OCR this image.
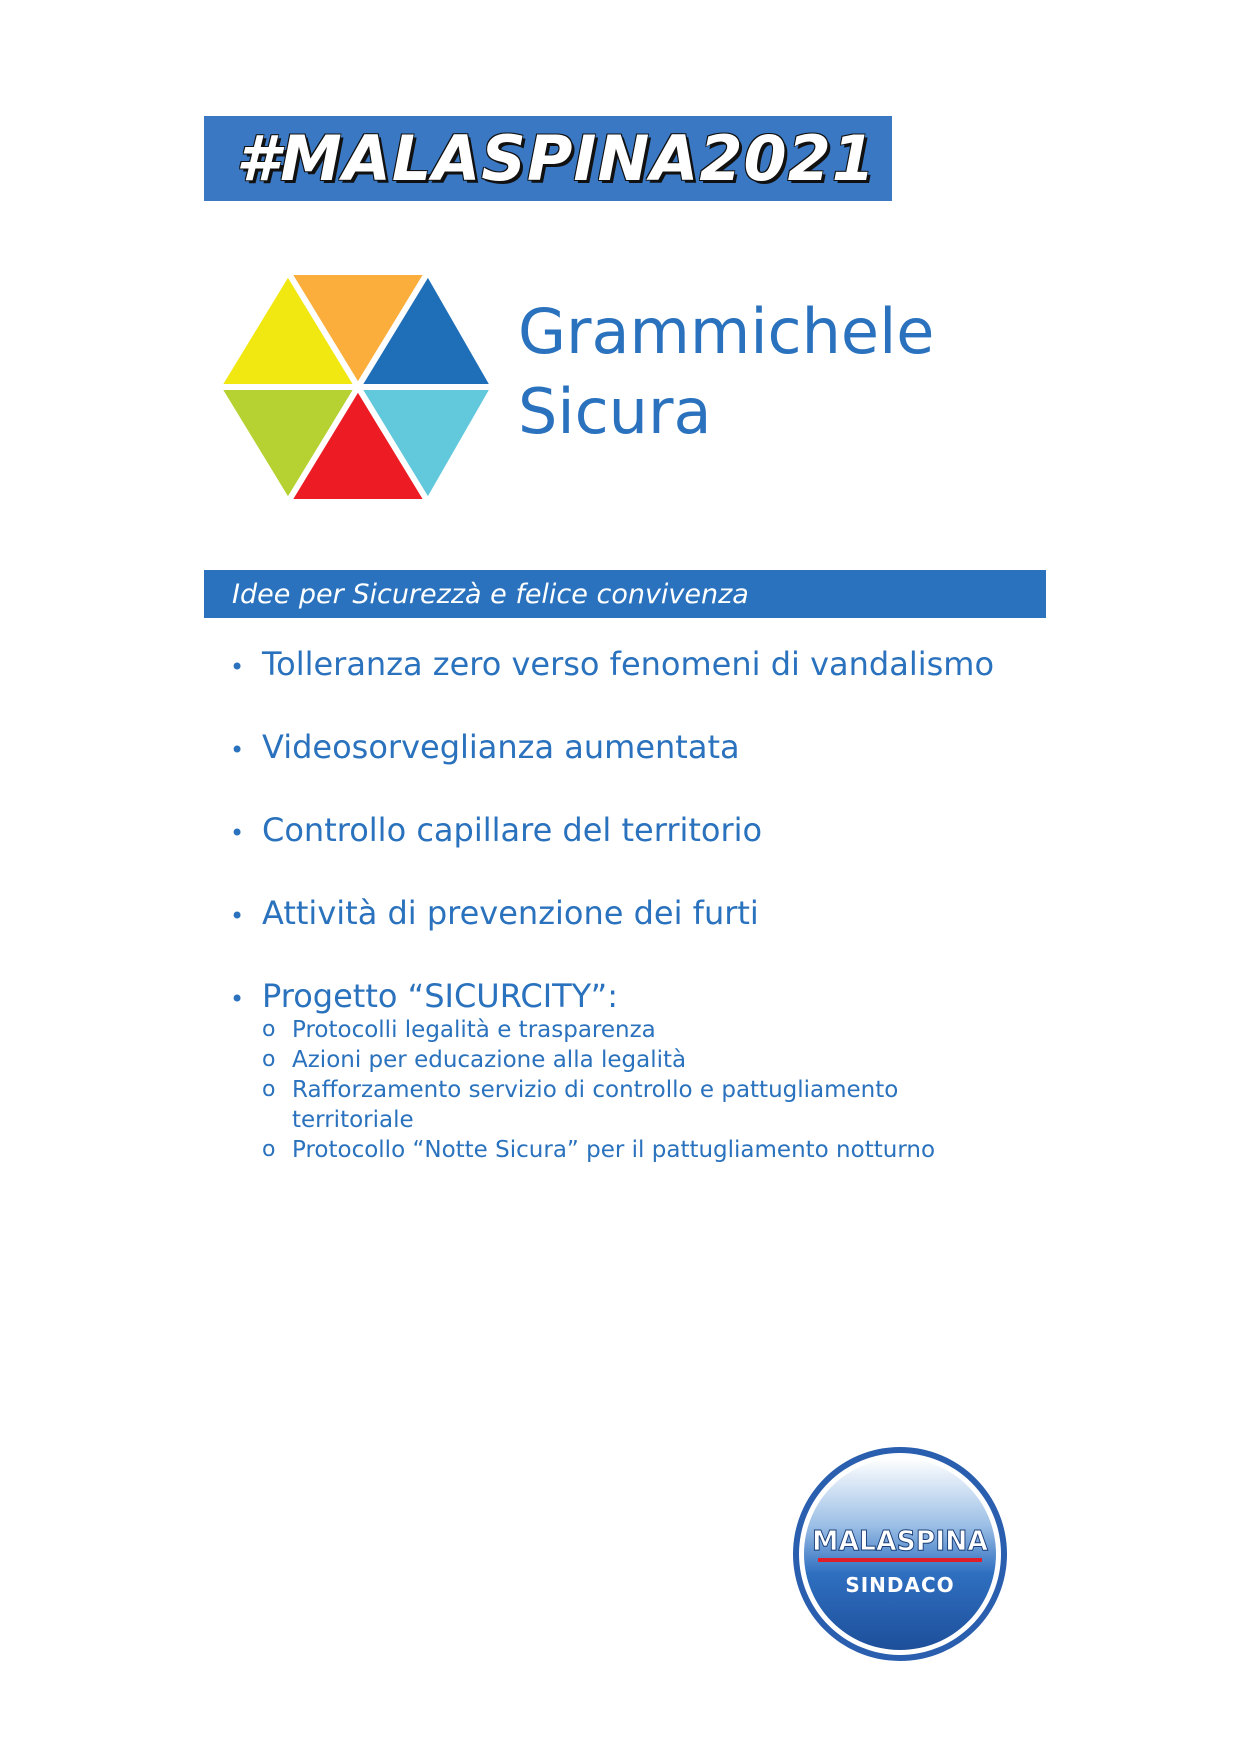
#MALASPINA2021
Grammichele
Sicura
Idee per Sicurezzà e felice convivenza
• Tolleranza zero verso fenomeni di vandalismo
• Videosorveglianza aumentata
• Controllo capillare del territorio
• Attività di prevenzione dei furti
• Progetto “SICURCITY”:
o Protocolli legalità e trasparenza
o Azioni per educazione alla legalità
o Rafforzamento servizio di controllo e pattugliamento territoriale
o Protocollo “Notte Sicura” per il pattugliamento notturno
MALASPINA
SINDACO
